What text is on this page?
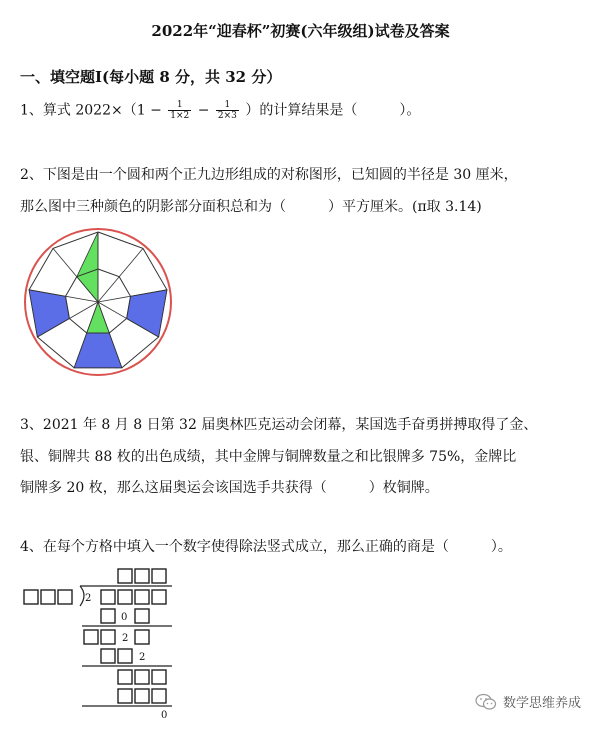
2022年“迎春杯”初赛(六年级组)试卷及答案
一、填空题Ⅰ(每小题 8 分，共 32 分）
1、算式 $2022\times(1 - \frac{1}{1\times 2} - \frac{1}{2\times 3}$ ）的计算结果是（　　　）。
2、下图是由一个圆和两个正九边形组成的对称图形，已知圆的半径是 30 厘米，
那么图中三种颜色的阴影部分面积总和为（　　　）平方厘米。(π取 3.14)
3、2021 年 8 月 8 日第 32 届奥林匹克运动会闭幕，某国选手奋勇拼搏取得了金、
银、铜牌共 88 枚的出色成绩，其中金牌与铜牌数量之和比银牌多 75%，金牌比
铜牌多 20 枚，那么这届奥运会该国选手共获得（　　　）枚铜牌。
4、在每个方格中填入一个数字使得除法竖式成立，那么正确的商是（　　　）。
2
0
2
2
0
数学思维养成
